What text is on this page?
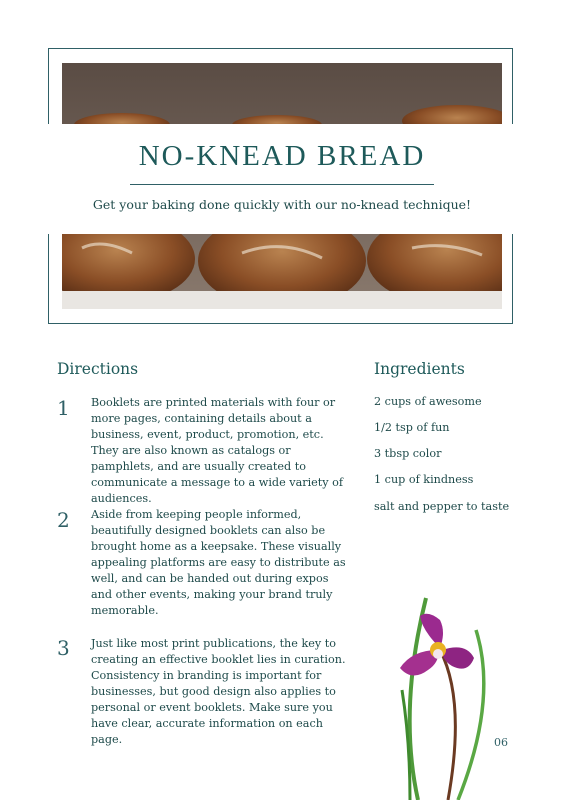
NO-KNEAD BREAD
Get your baking done quickly with our no-knead technique!
Directions
1 Booklets are printed materials with four or more pages, containing details about a business, event, product, promotion, etc. They are also known as catalogs or pamphlets, and are usually created to communicate a message to a wide variety of audiences.
2 Aside from keeping people informed, beautifully designed booklets can also be brought home as a keepsake. These visually appealing platforms are easy to distribute as well, and can be handed out during expos and other events, making your brand truly memorable.
3 Just like most print publications, the key to creating an effective booklet lies in curation. Consistency in branding is important for businesses, but good design also applies to personal or event booklets. Make sure you have clear, accurate information on each page.
Ingredients
2 cups of awesome
1/2 tsp of fun
3 tbsp color
1 cup of kindness
salt and pepper to taste
06
